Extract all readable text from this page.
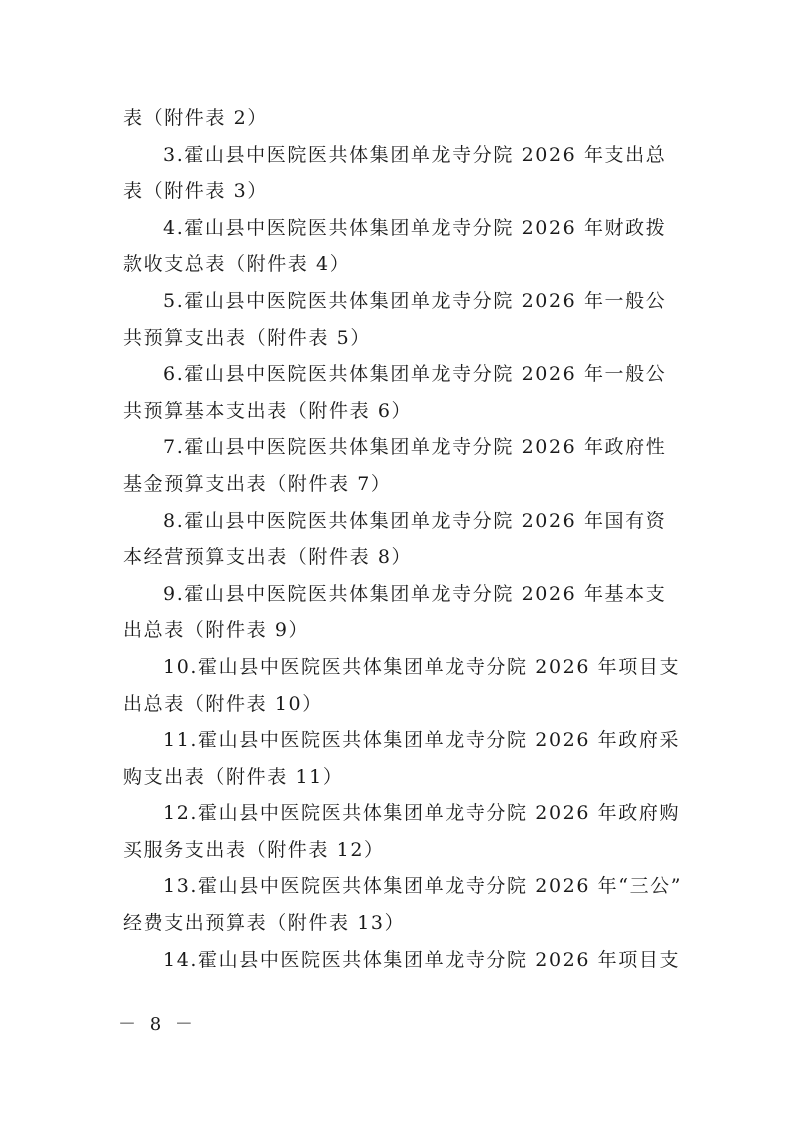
表（附件表 2）
3.霍山县中医院医共体集团单龙寺分院 2026 年支出总
表（附件表 3）
4.霍山县中医院医共体集团单龙寺分院 2026 年财政拨
款收支总表（附件表 4）
5.霍山县中医院医共体集团单龙寺分院 2026 年一般公
共预算支出表（附件表 5）
6.霍山县中医院医共体集团单龙寺分院 2026 年一般公
共预算基本支出表（附件表 6）
7.霍山县中医院医共体集团单龙寺分院 2026 年政府性
基金预算支出表（附件表 7）
8.霍山县中医院医共体集团单龙寺分院 2026 年国有资
本经营预算支出表（附件表 8）
9.霍山县中医院医共体集团单龙寺分院 2026 年基本支
出总表（附件表 9）
10.霍山县中医院医共体集团单龙寺分院 2026 年项目支
出总表（附件表 10）
11.霍山县中医院医共体集团单龙寺分院 2026 年政府采
购支出表（附件表 11）
12.霍山县中医院医共体集团单龙寺分院 2026 年政府购
买服务支出表（附件表 12）
13.霍山县中医院医共体集团单龙寺分院 2026 年“三公”
经费支出预算表（附件表 13）
14.霍山县中医院医共体集团单龙寺分院 2026 年项目支
－ 8 －
